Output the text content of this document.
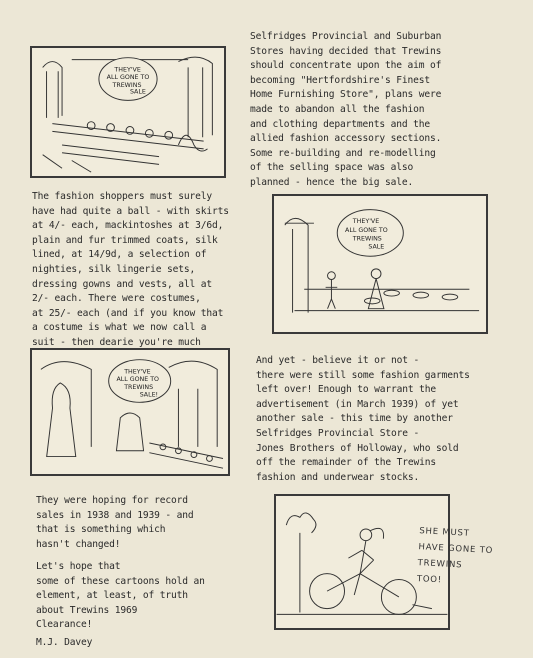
THEY'VE
ALL GONE TO
TREWINS
SALE
Selfridges Provincial and Suburban
Stores having decided that Trewins
should concentrate upon the aim of
becoming "Hertfordshire's Finest
Home Furnishing Store", plans were
made to abandon all the fashion
and clothing departments and the
allied fashion accessory sections.
Some re-building and re-modelling
of the selling space was also
planned - hence the big sale.
The fashion shoppers must surely
have had quite a ball - with skirts
at 4/- each, mackintoshes at 3/6d,
plain and fur trimmed coats, silk
lined, at 14/9d, a selection of
nighties, silk lingerie sets,
dressing gowns and vests, all at
2/- each. There were costumes,
at 25/- each (and if you know that
a costume is what we now call a
suit - then dearie you're much

THEY'VE
ALL GONE TO
TREWINS
SALE
THEY'VE
ALL GONE TO
TREWINS
SALE!
And yet - believe it or not -
there were still some fashion garments
left over! Enough to warrant the
advertisement (in March 1939) of yet
another sale - this time by another
Selfridges Provincial Store -
Jones Brothers of Holloway, who sold
off the remainder of the Trewins
fashion and underwear stocks.
They were hoping for record
sales in 1938 and 1939 - and
that is something which
hasn't changed!
Let's hope that
some of these cartoons hold an
element, at least, of truth
about Trewins 1969
Clearance!
M.J. Davey
SHE MUST
HAVE GONE TO
TREWINS
TOO!
